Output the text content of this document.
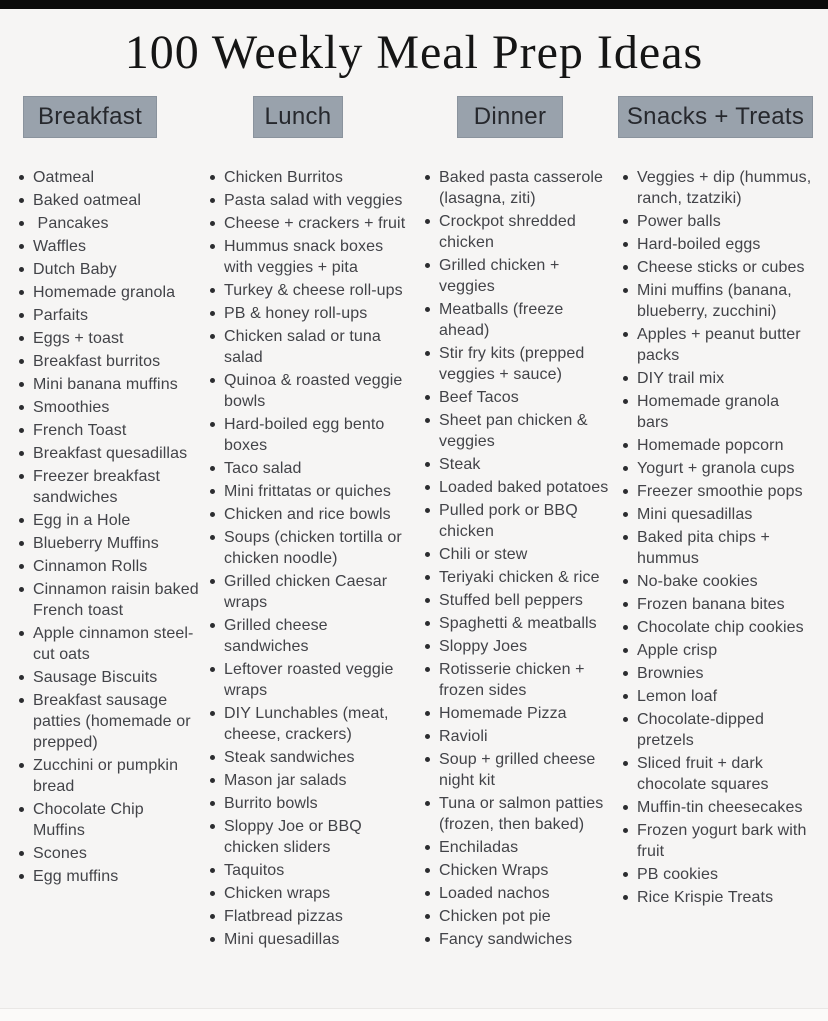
100 Weekly Meal Prep Ideas
Breakfast
Oatmeal
Baked oatmeal
Pancakes
Waffles
Dutch Baby
Homemade granola
Parfaits
Eggs + toast
Breakfast burritos
Mini banana muffins
Smoothies
French Toast
Breakfast quesadillas
Freezer breakfast sandwiches
Egg in a Hole
Blueberry Muffins
Cinnamon Rolls
Cinnamon raisin baked French toast
Apple cinnamon steel-cut oats
Sausage Biscuits
Breakfast sausage patties (homemade or prepped)
Zucchini or pumpkin bread
Chocolate Chip Muffins
Scones
Egg muffins
Lunch
Chicken Burritos
Pasta salad with veggies
Cheese + crackers + fruit
Hummus snack boxes with veggies + pita
Turkey & cheese roll-ups
PB & honey roll-ups
Chicken salad or tuna salad
Quinoa & roasted veggie bowls
Hard-boiled egg bento boxes
Taco salad
Mini frittatas or quiches
Chicken and rice bowls
Soups (chicken tortilla or chicken noodle)
Grilled chicken Caesar wraps
Grilled cheese sandwiches
Leftover roasted veggie wraps
DIY Lunchables (meat, cheese, crackers)
Steak sandwiches
Mason jar salads
Burrito bowls
Sloppy Joe or BBQ chicken sliders
Taquitos
Chicken wraps
Flatbread pizzas
Mini quesadillas
Dinner
Baked pasta casserole (lasagna, ziti)
Crockpot shredded chicken
Grilled chicken + veggies
Meatballs (freeze ahead)
Stir fry kits (prepped veggies + sauce)
Beef Tacos
Sheet pan chicken & veggies
Steak
Loaded baked potatoes
Pulled pork or BBQ chicken
Chili or stew
Teriyaki chicken & rice
Stuffed bell peppers
Spaghetti & meatballs
Sloppy Joes
Rotisserie chicken + frozen sides
Homemade Pizza
Ravioli
Soup + grilled cheese night kit
Tuna or salmon patties (frozen, then baked)
Enchiladas
Chicken Wraps
Loaded nachos
Chicken pot pie
Fancy sandwiches
Snacks + Treats
Veggies + dip (hummus, ranch, tzatziki)
Power balls
Hard-boiled eggs
Cheese sticks or cubes
Mini muffins (banana, blueberry, zucchini)
Apples + peanut butter packs
DIY trail mix
Homemade granola bars
Homemade popcorn
Yogurt + granola cups
Freezer smoothie pops
Mini quesadillas
Baked pita chips + hummus
No-bake cookies
Frozen banana bites
Chocolate chip cookies
Apple crisp
Brownies
Lemon loaf
Chocolate-dipped pretzels
Sliced fruit + dark chocolate squares
Muffin-tin cheesecakes
Frozen yogurt bark with fruit
PB cookies
Rice Krispie Treats
